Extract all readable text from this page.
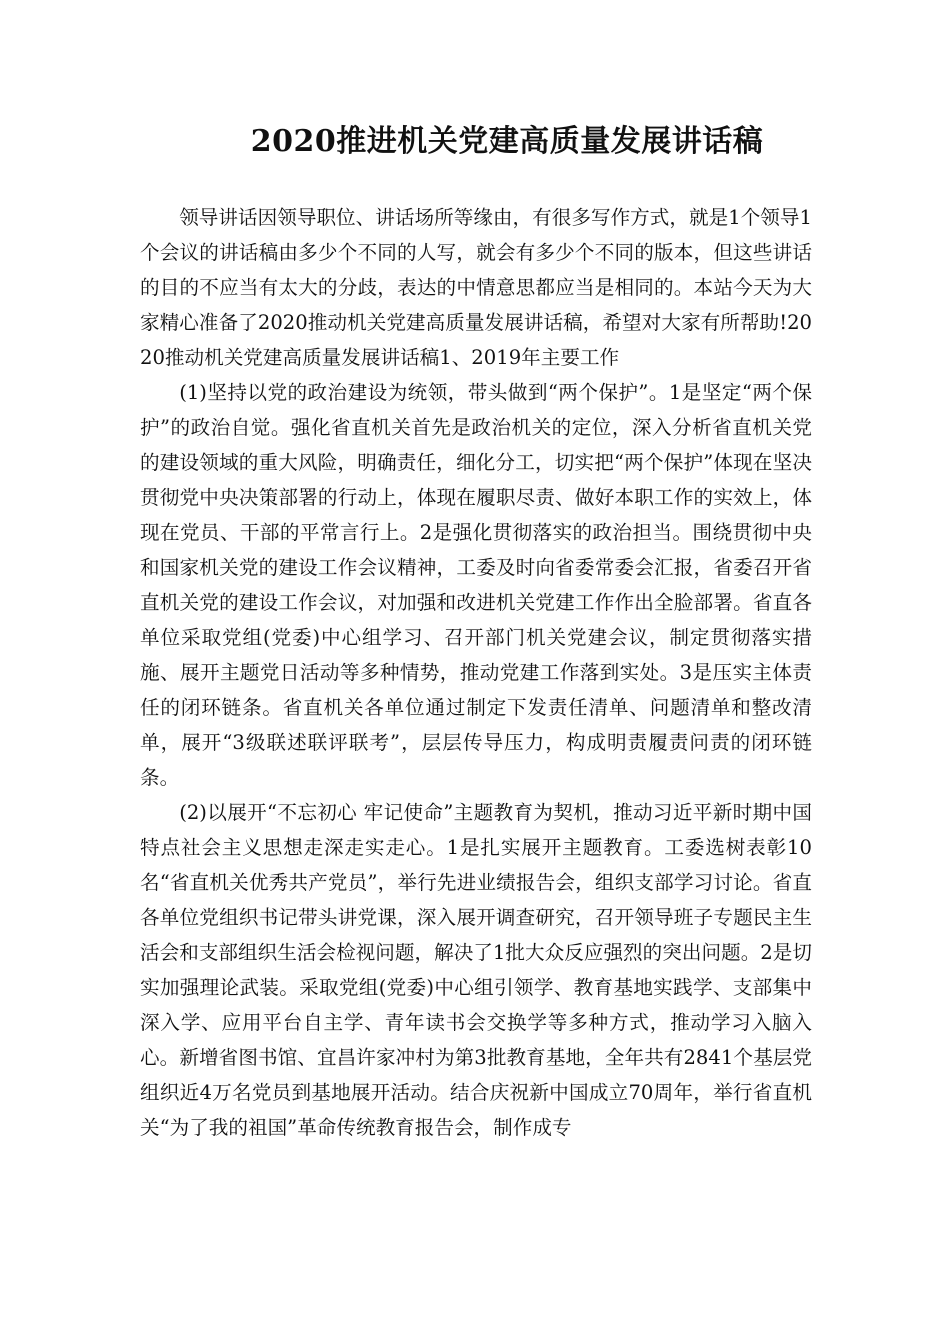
2020推进机关党建高质量发展讲话稿

领导讲话因领导职位、讲话场所等缘由，有很多写作方式，就是1个领导1个会议的讲话稿由多少个不同的人写，就会有多少个不同的版本，但这些讲话的目的不应当有太大的分歧，表达的中情意思都应当是相同的。本站今天为大家精心准备了2020推动机关党建高质量发展讲话稿，希望对大家有所帮助!2020推动机关党建高质量发展讲话稿1、2019年主要工作

(1)坚持以党的政治建设为统领，带头做到“两个保护”。1是坚定“两个保护”的政治自觉。强化省直机关首先是政治机关的定位，深入分析省直机关党的建设领域的重大风险，明确责任，细化分工，切实把“两个保护”体现在坚决贯彻党中央决策部署的行动上，体现在履职尽责、做好本职工作的实效上，体现在党员、干部的平常言行上。2是强化贯彻落实的政治担当。围绕贯彻中央和国家机关党的建设工作会议精神，工委及时向省委常委会汇报，省委召开省直机关党的建设工作会议，对加强和改进机关党建工作作出全脸部署。省直各单位采取党组(党委)中心组学习、召开部门机关党建会议，制定贯彻落实措施、展开主题党日活动等多种情势，推动党建工作落到实处。3是压实主体责任的闭环链条。省直机关各单位通过制定下发责任清单、问题清单和整改清单，展开“3级联述联评联考”，层层传导压力，构成明责履责问责的闭环链条。

(2)以展开“不忘初心 牢记使命”主题教育为契机，推动习近平新时期中国特点社会主义思想走深走实走心。1是扎实展开主题教育。工委选树表彰10名“省直机关优秀共产党员”，举行先进业绩报告会，组织支部学习讨论。省直各单位党组织书记带头讲党课，深入展开调查研究，召开领导班子专题民主生活会和支部组织生活会检视问题，解决了1批大众反应强烈的突出问题。2是切实加强理论武装。采取党组(党委)中心组引领学、教育基地实践学、支部集中深入学、应用平台自主学、青年读书会交换学等多种方式，推动学习入脑入心。新增省图书馆、宜昌许家冲村为第3批教育基地，全年共有2841个基层党组织近4万名党员到基地展开活动。结合庆祝新中国成立70周年，举行省直机关“为了我的祖国”革命传统教育报告会，制作成专
